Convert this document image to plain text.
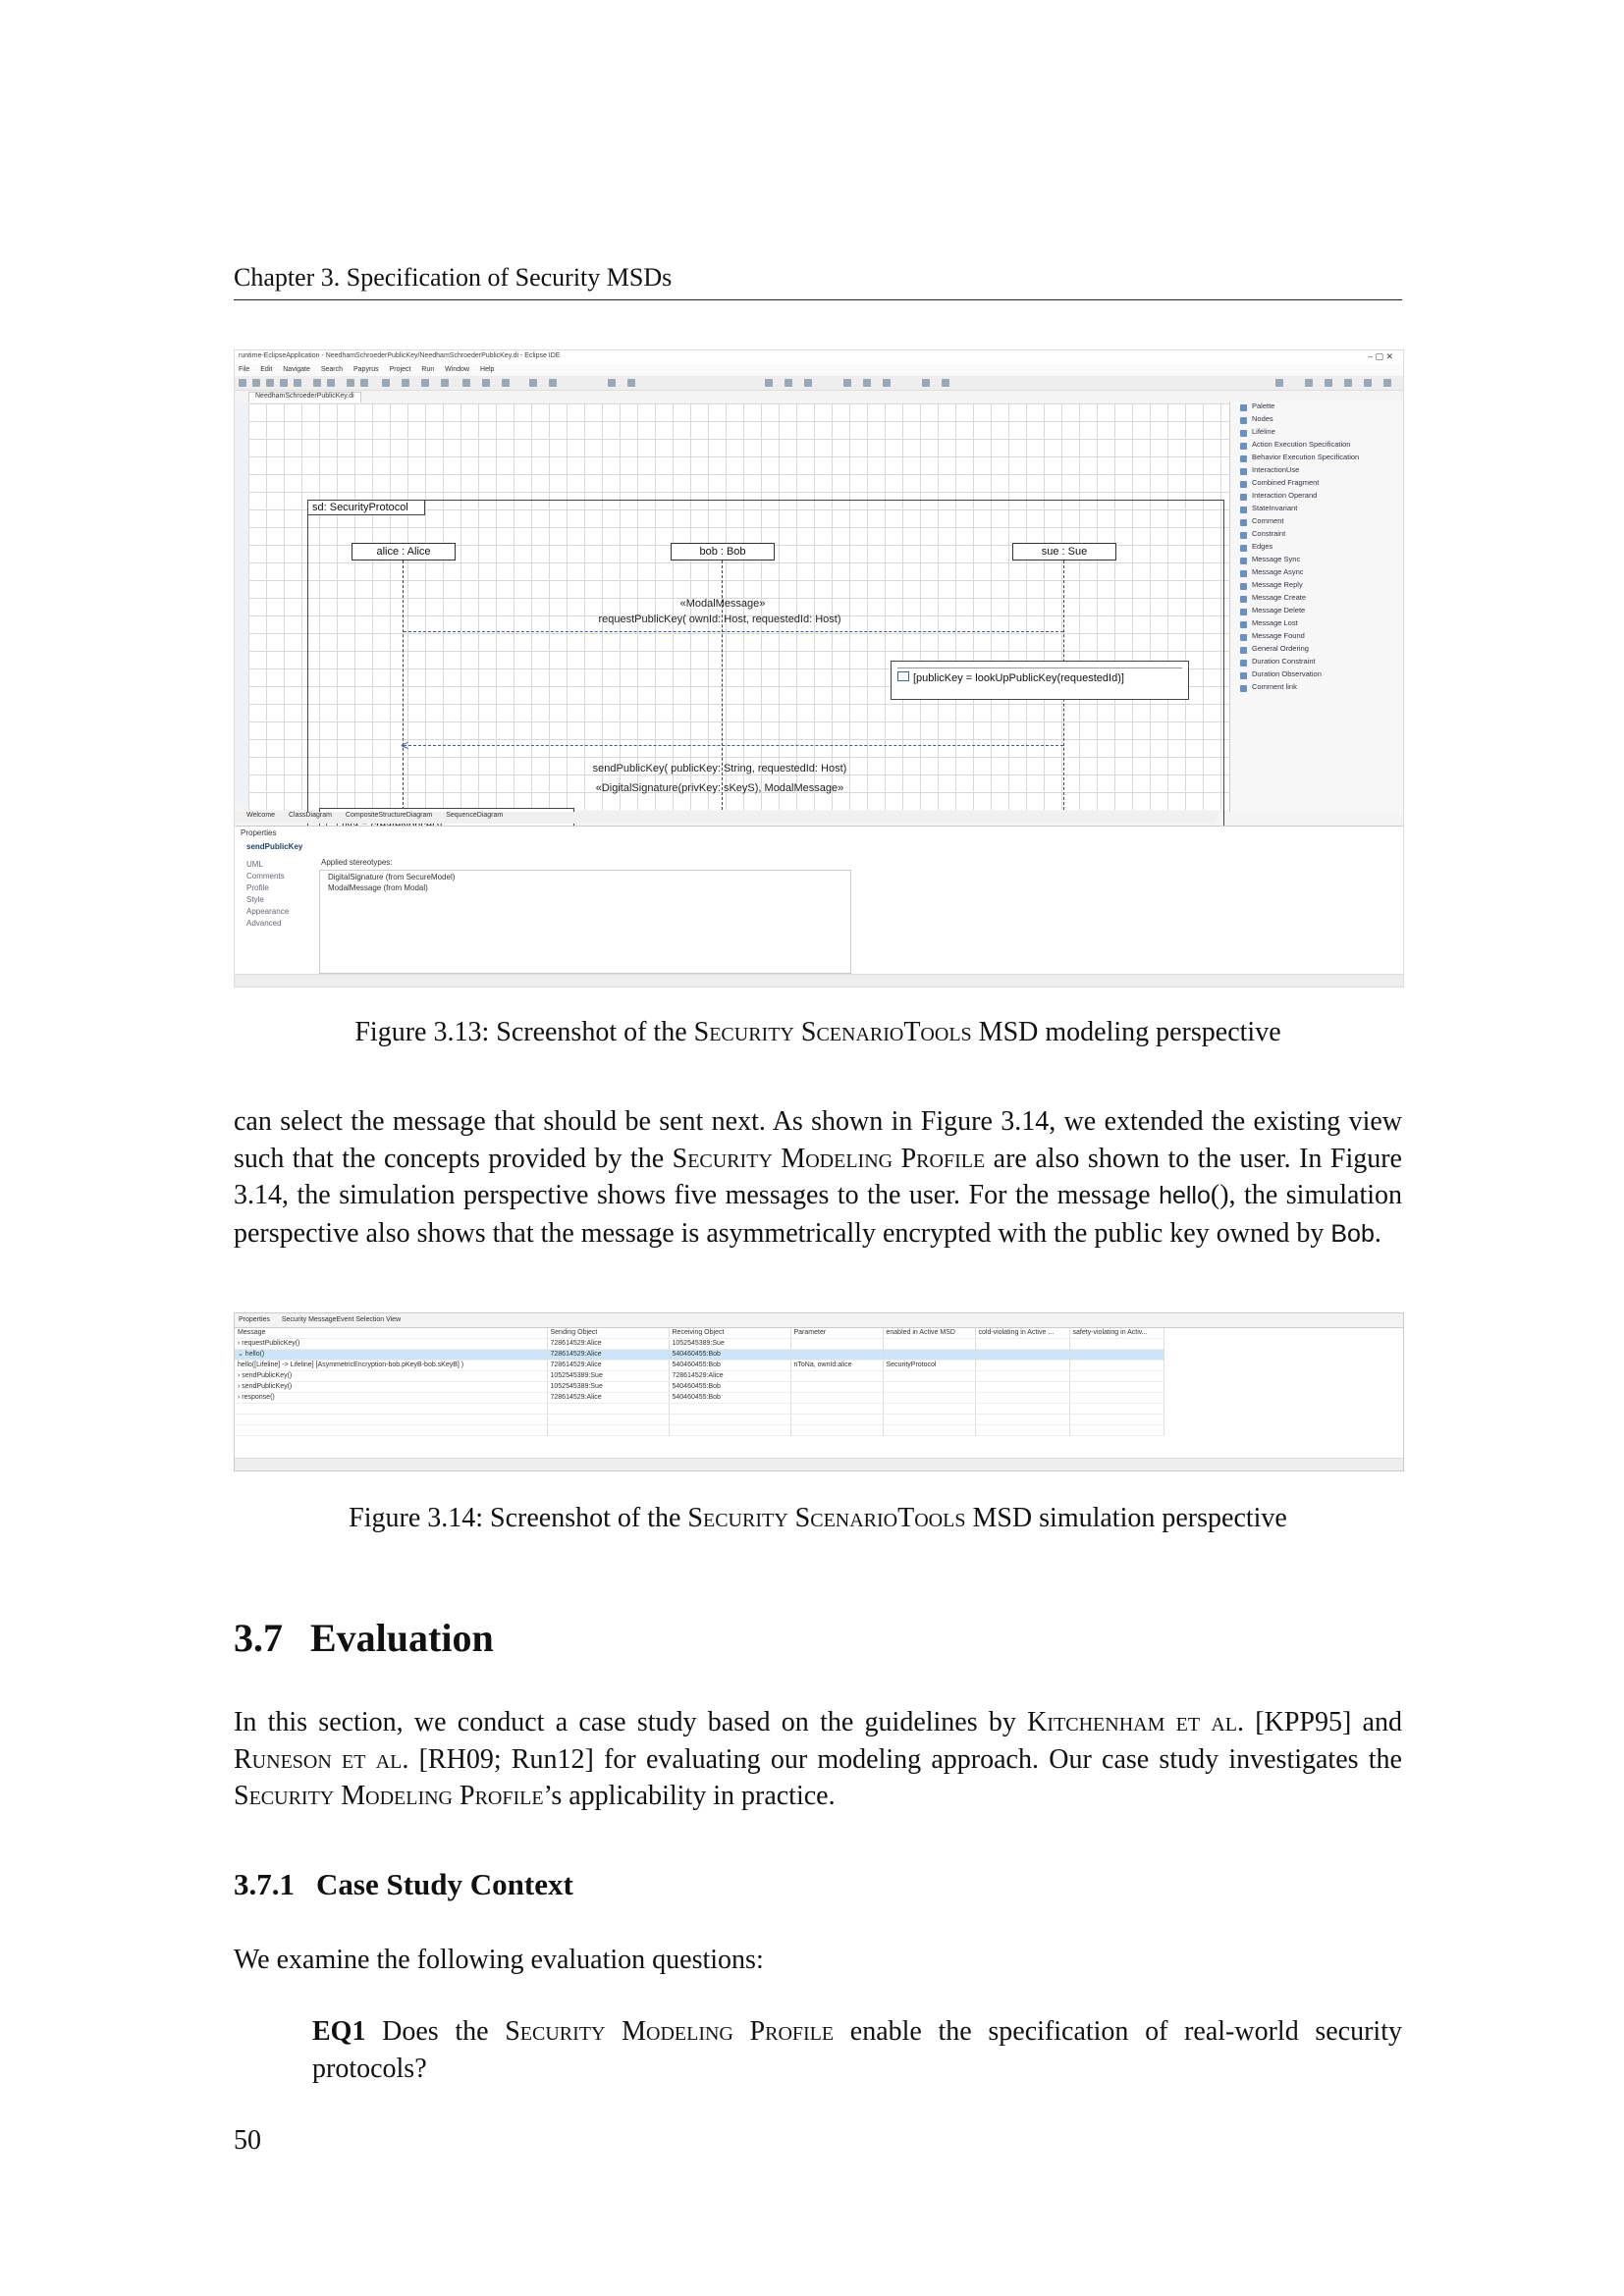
Chapter 3. Specification of Security MSDs
runtime-EclipseApplication - NeedhamSchroederPublicKey/NeedhamSchroederPublicKey.di - Eclipse IDE	– ▢ ✕
File Edit Navigate Search Papyrus Project Run Window Help
NeedhamSchroederPublicKey.di
sd: SecurityProtocol
alice : Alice	bob : Bob	sue : Sue
«ModalMessage»
requestPublicKey( ownId: Host, requestedId: Host)
[publicKey = lookUpPublicKey(requestedId)]
<
sendPublicKey( publicKey: String, requestedId: Host)
«DigitalSignature(privKey: sKeyS), ModalMessage»
Palette
Nodes
Lifeline
Action Execution Specification
Behavior Execution Specification
InteractionUse
Combined Fragment
Interaction Operand
StateInvariant
Comment
Constraint
Edges
Message Sync
Message Async
Message Reply
Message Create
Message Delete
Message Lost
Message Found
General Ordering
Duration Constraint
Duration Observation
Comment link
Welcome ClassDiagram CompositeStructureDiagram SequenceDiagram
Properties
sendPublicKey
UML
Comments
Profile
Style
Appearance
Advanced
Applied stereotypes:
DigitalSignature (from SecureModel)
ModalMessage (from Modal)
Figure 3.13: Screenshot of the Security ScenarioTools MSD modeling perspective
can select the message that should be sent next. As shown in Figure 3.14, we extended the existing view such that the concepts provided by the Security Modeling Profile are also shown to the user. In Figure 3.14, the simulation perspective shows five messages to the user. For the message hello(), the simulation perspective also shows that the message is asymmetrically encrypted with the public key owned by Bob.
Properties Security MessageEvent Selection View
Message	Sending Object	Receiving Object	Parameter	enabled in Active MSD	cold-violating in Active ...	safety-violating in Activ...
› requestPublicKey()	728614529:Alice	1052545389:Sue				
⌄ hello()	728614529:Alice	540460455:Bob				
hello([Lifeline] -> Lifeline] [AsymmetricEncryption-bob.pKeyB-bob.sKeyB] )	728614529:Alice	540460455:Bob	nToNa, ownId:alice	SecurityProtocol		
› sendPublicKey()	1052545389:Sue	728614529:Alice				
› sendPublicKey()	1052545389:Sue	540460455:Bob				
› response()	728614529:Alice	540460455:Bob				

Figure 3.14: Screenshot of the Security ScenarioTools MSD simulation perspective
3.7 Evaluation
In this section, we conduct a case study based on the guidelines by Kitchenham et al. [KPP95] and Runeson et al. [RH09; Run12] for evaluating our modeling approach. Our case study investigates the Security Modeling Profile’s applicability in practice.
3.7.1 Case Study Context
We examine the following evaluation questions:
EQ1 Does the Security Modeling Profile enable the specification of real-world security protocols?
50
